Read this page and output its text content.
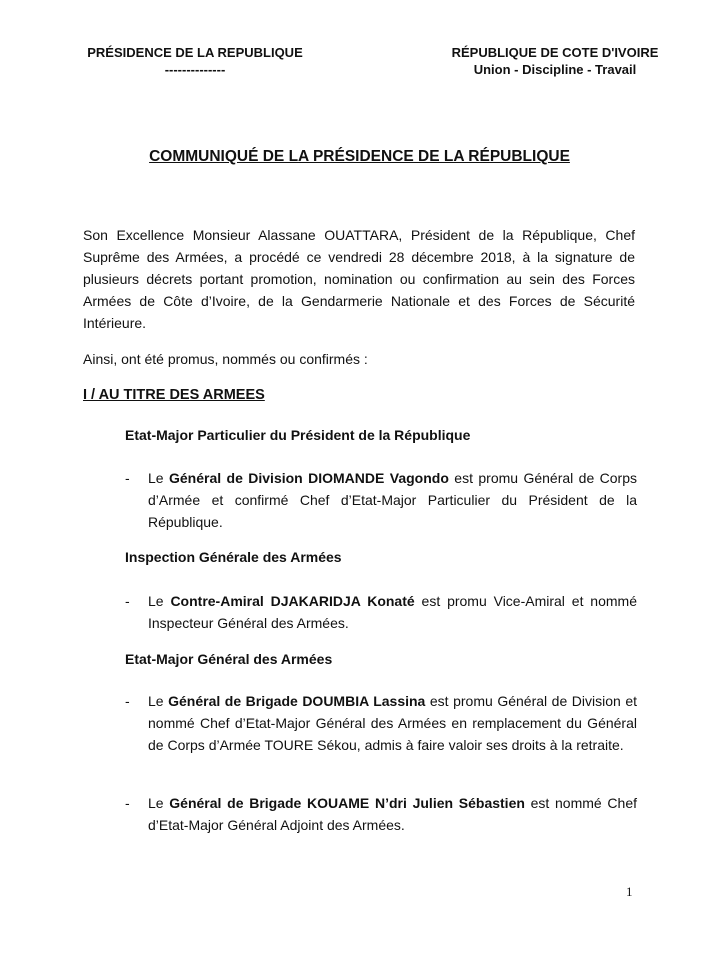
PRÉSIDENCE DE LA REPUBLIQUE
--------------
RÉPUBLIQUE DE COTE D'IVOIRE
Union - Discipline - Travail
COMMUNIQUÉ DE LA PRÉSIDENCE DE LA RÉPUBLIQUE
Son Excellence Monsieur Alassane OUATTARA, Président de la République, Chef Suprême des Armées, a procédé ce vendredi 28 décembre 2018, à la signature de plusieurs décrets portant promotion, nomination ou confirmation au sein des Forces Armées de Côte d’Ivoire, de la Gendarmerie Nationale et des Forces de Sécurité Intérieure.
Ainsi, ont été promus, nommés ou confirmés :
I / AU TITRE DES ARMEES
Etat-Major Particulier du Président de la République
- Le Général de Division DIOMANDE Vagondo est promu Général de Corps d’Armée et confirmé Chef d’Etat-Major Particulier du Président de la République.
Inspection Générale des Armées
- Le Contre-Amiral DJAKARIDJA Konaté est promu Vice-Amiral et nommé Inspecteur Général des Armées.
Etat-Major Général des Armées
- Le Général de Brigade DOUMBIA Lassina est promu Général de Division et nommé Chef d’Etat-Major Général des Armées en remplacement du Général de Corps d’Armée TOURE Sékou, admis à faire valoir ses droits à la retraite.
- Le Général de Brigade KOUAME N’dri Julien Sébastien est nommé Chef d’Etat-Major Général Adjoint des Armées.
1
